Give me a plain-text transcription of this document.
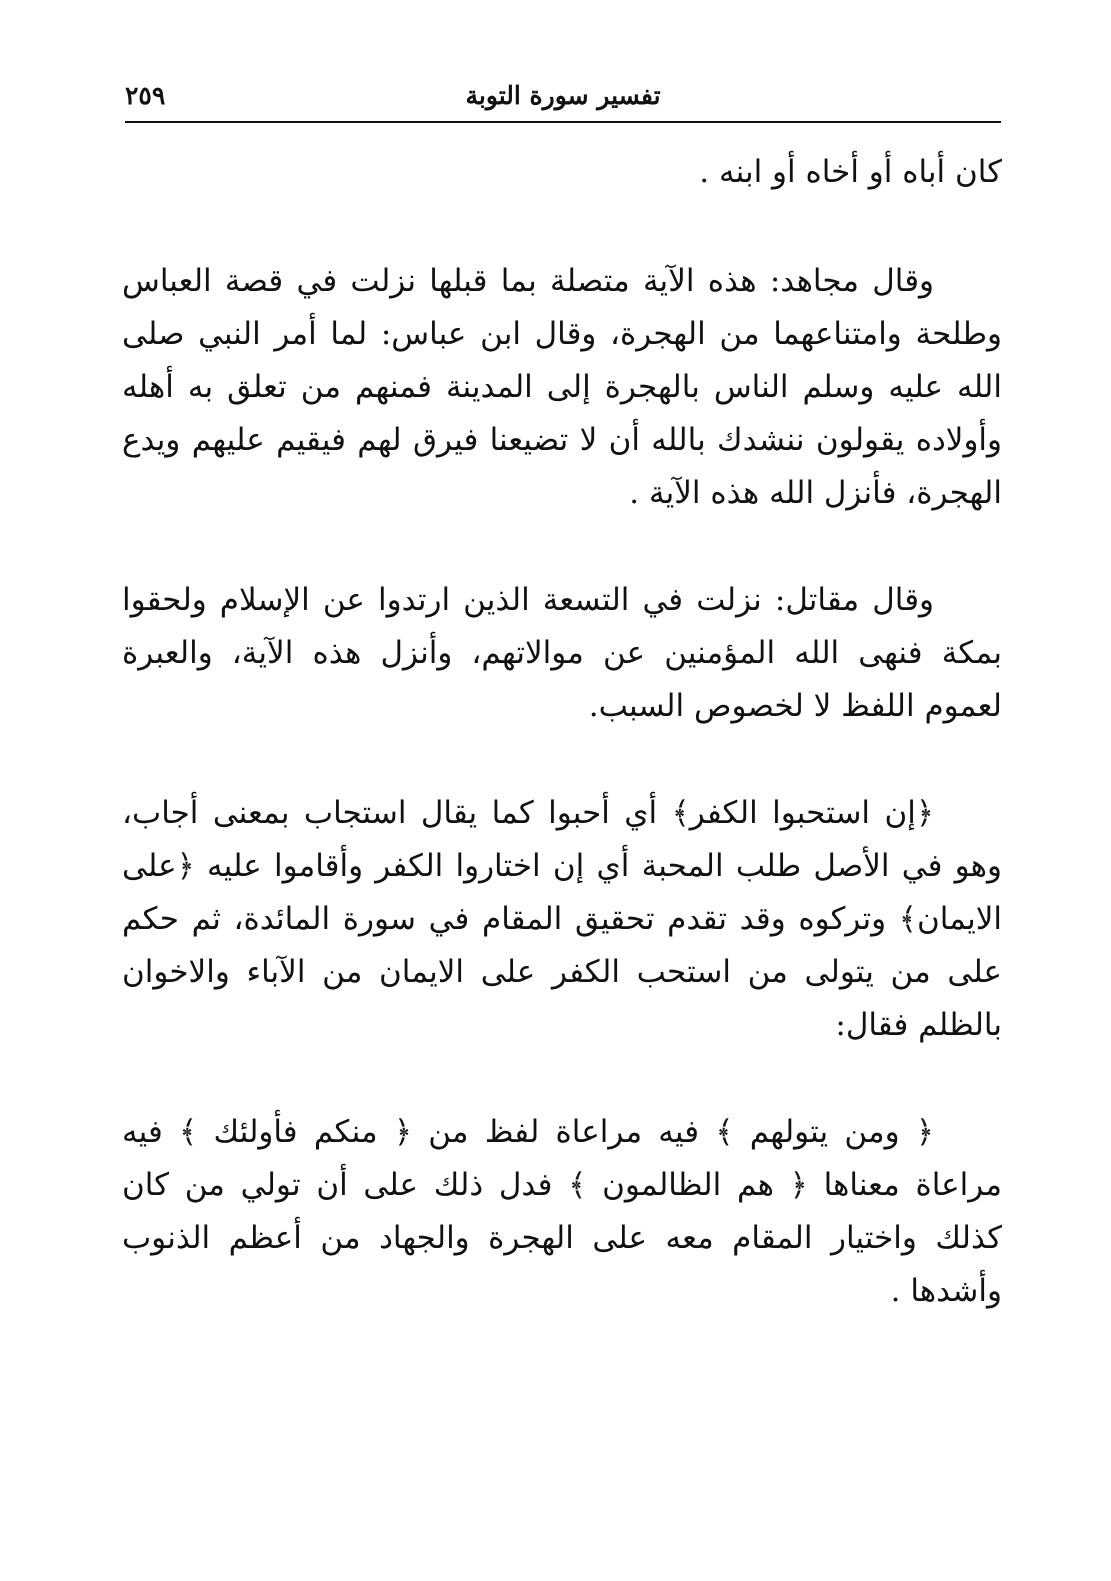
تفسير سورة التوبة
٢٥٩

كان أباه أو أخاه أو ابنه .

وقال مجاهد: هذه الآية متصلة بما قبلها نزلت في قصة العباس وطلحة وامتناعهما من الهجرة، وقال ابن عباس: لما أمر النبي صلى الله عليه وسلم الناس بالهجرة إلى المدينة فمنهم من تعلق به أهله وأولاده يقولون ننشدك بالله أن لا تضيعنا فيرق لهم فيقيم عليهم ويدع الهجرة، فأنزل الله هذه الآية .

وقال مقاتل: نزلت في التسعة الذين ارتدوا عن الإسلام ولحقوا بمكة فنهى الله المؤمنين عن موالاتهم، وأنزل هذه الآية، والعبرة لعموم اللفظ لا لخصوص السبب.

﴿إن استحبوا الكفر﴾ أي أحبوا كما يقال استجاب بمعنى أجاب، وهو في الأصل طلب المحبة أي إن اختاروا الكفر وأقاموا عليه ﴿على الايمان﴾ وتركوه وقد تقدم تحقيق المقام في سورة المائدة، ثم حكم على من يتولى من استحب الكفر على الايمان من الآباء والاخوان بالظلم فقال:

﴿ ومن يتولهم ﴾ فيه مراعاة لفظ من ﴿ منكم فأولئك ﴾ فيه مراعاة معناها ﴿ هم الظالمون ﴾ فدل ذلك على أن تولي من كان كذلك واختيار المقام معه على الهجرة والجهاد من أعظم الذنوب وأشدها .
